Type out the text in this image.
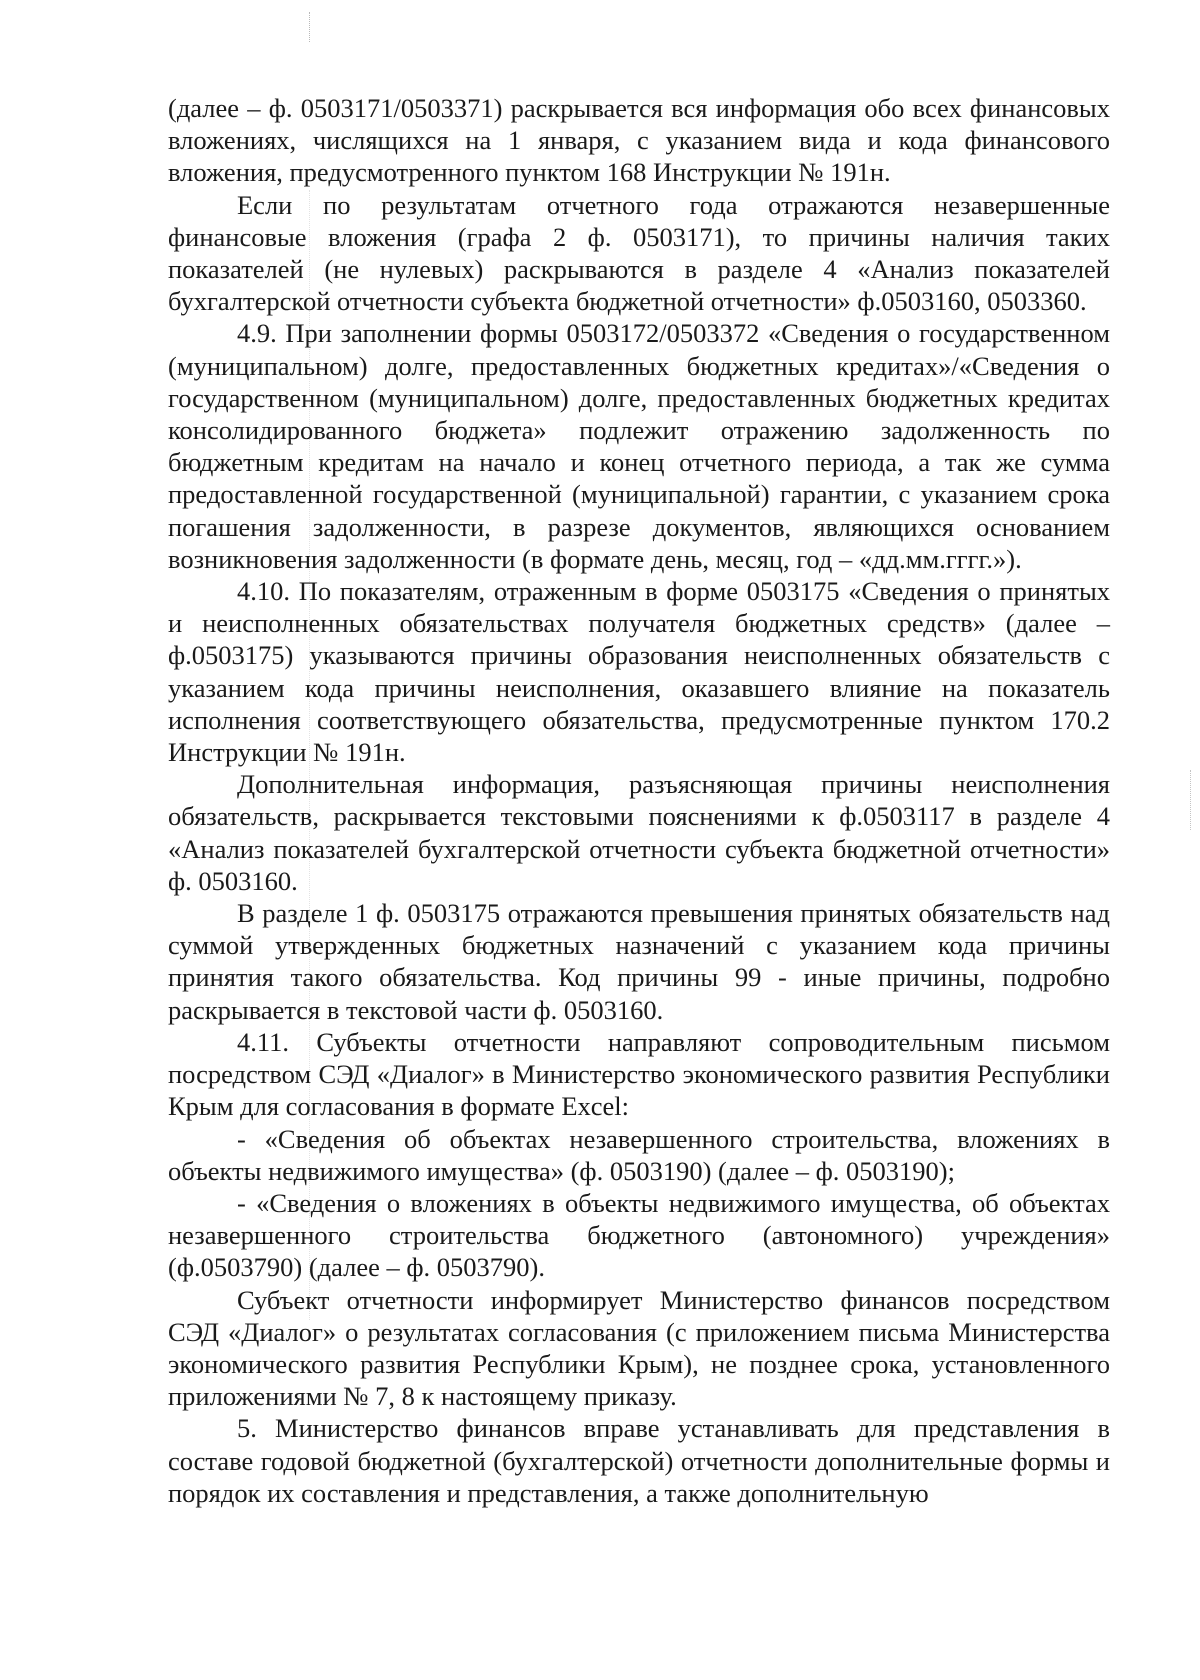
(далее – ф. 0503171/0503371) раскрывается вся информация обо всех финансовых вложениях, числящихся на 1 января, с указанием вида и кода финансового вложения, предусмотренного пунктом 168 Инструкции № 191н.

Если по результатам отчетного года отражаются незавершенные финансовые вложения (графа 2 ф. 0503171), то причины наличия таких показателей (не нулевых) раскрываются в разделе 4 «Анализ показателей бухгалтерской отчетности субъекта бюджетной отчетности» ф.0503160, 0503360.

4.9. При заполнении формы 0503172/0503372 «Сведения о государственном (муниципальном) долге, предоставленных бюджетных кредитах»/«Сведения о государственном (муниципальном) долге, предоставленных бюджетных кредитах консолидированного бюджета» подлежит отражению задолженность по бюджетным кредитам на начало и конец отчетного периода, а так же сумма предоставленной государственной (муниципальной) гарантии, с указанием срока погашения задолженности, в разрезе документов, являющихся основанием возникновения задолженности (в формате день, месяц, год – «дд.мм.гггг.»).

4.10. По показателям, отраженным в форме 0503175 «Сведения о принятых и неисполненных обязательствах получателя бюджетных средств» (далее – ф.0503175) указываются причины образования неисполненных обязательств с указанием кода причины неисполнения, оказавшего влияние на показатель исполнения соответствующего обязательства, предусмотренные пунктом 170.2 Инструкции № 191н.

Дополнительная информация, разъясняющая причины неисполнения обязательств, раскрывается текстовыми пояснениями к ф.0503117 в разделе 4 «Анализ показателей бухгалтерской отчетности субъекта бюджетной отчетности» ф. 0503160.

В разделе 1 ф. 0503175 отражаются превышения принятых обязательств над суммой утвержденных бюджетных назначений с указанием кода причины принятия такого обязательства. Код причины 99 - иные причины, подробно раскрывается в текстовой части ф. 0503160.

4.11. Субъекты отчетности направляют сопроводительным письмом посредством СЭД «Диалог» в Министерство экономического развития Республики Крым для согласования в формате Excel:

- «Сведения об объектах незавершенного строительства, вложениях в объекты недвижимого имущества» (ф. 0503190) (далее – ф. 0503190);

- «Сведения о вложениях в объекты недвижимого имущества, об объектах незавершенного строительства бюджетного (автономного) учреждения» (ф.0503790) (далее – ф. 0503790).

Субъект отчетности информирует Министерство финансов посредством СЭД «Диалог» о результатах согласования (с приложением письма Министерства экономического развития Республики Крым), не позднее срока, установленного приложениями № 7, 8 к настоящему приказу.

5. Министерство финансов вправе устанавливать для представления в составе годовой бюджетной (бухгалтерской) отчетности дополнительные формы и порядок их составления и представления, а также дополнительную
